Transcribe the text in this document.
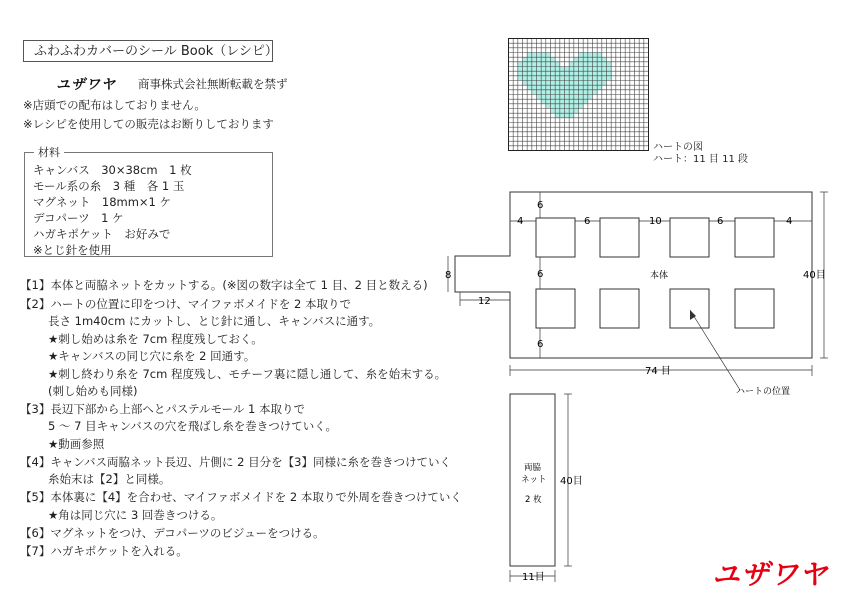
ふわふわカバーのシール Book（レシピ）
ユザワヤ 商事株式会社無断転載を禁ず
※店頭での配布はしておりません。
※レシピを使用しての販売はお断りしております
材料
キャンバス　30×38cm　1 枚
モール系の糸　3 種　各 1 玉
マグネット　18mm×1 ケ
デコパーツ　1 ケ
ハガキポケット　お好みで
※とじ針を使用
【1】本体と両脇ネットをカットする。(※図の数字は全て 1 目、2 目と数える)
【2】ハートの位置に印をつけ、マイファボメイドを 2 本取りで
長さ 1m40cm にカットし、とじ針に通し、キャンバスに通す。
★刺し始めは糸を 7cm 程度残しておく。
★キャンバスの同じ穴に糸を 2 回通す。
★刺し終わり糸を 7cm 程度残し、モチーフ裏に隠し通して、糸を始末する。
(刺し始めも同様)
【3】長辺下部から上部へとパステルモール 1 本取りで
5 ～ 7 目キャンバスの穴を飛ばし糸を巻きつけていく。
★動画参照
【4】キャンバス両脇ネット長辺、片側に 2 目分を【3】同様に糸を巻きつけていく
糸始末は【2】と同様。
【5】本体裏に【4】を合わせ、マイファボメイドを 2 本取りで外周を巻きつけていく
★角は同じ穴に 3 回巻きつける。
【6】マグネットをつけ、デコパーツのビジューをつける。
【7】ハガキポケットを入れる。
ハートの図
ハート：11 目 11 段
4
6
6	10	6	4
6
6
8
12
74 目
40目
本体
ハートの位置
両脇
ネット
2 枚
40目
11目	ユザワヤ
